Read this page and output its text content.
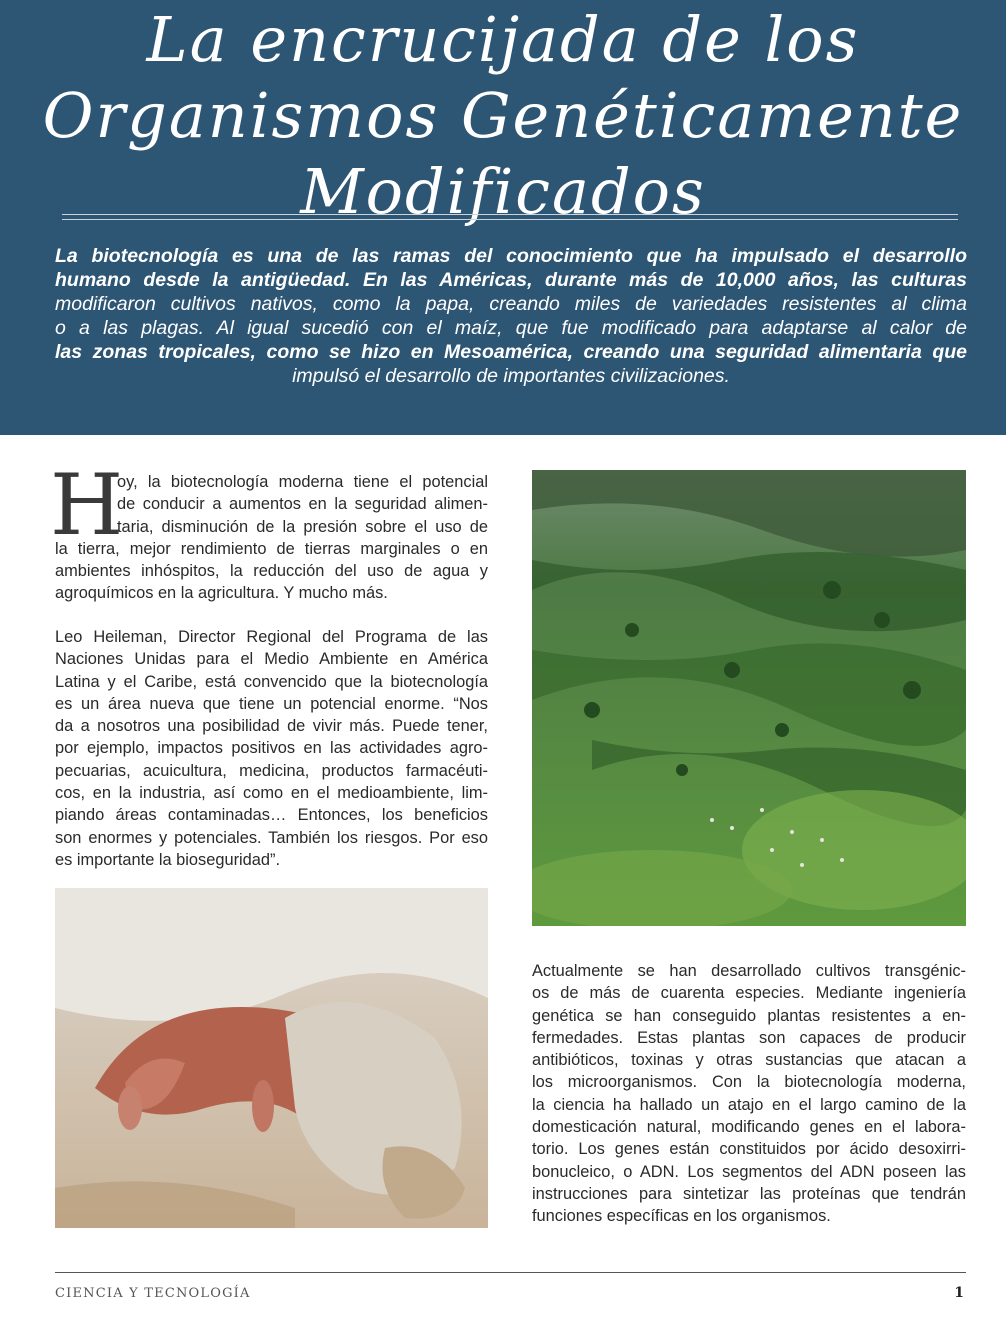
La encrucijada de los
Organismos Genéticamente
Modificados

La biotecnología es una de las ramas del conocimiento que ha impulsado el desarrollo
humano desde la antigüedad. En las Américas, durante más de 10,000 años, las culturas
modificaron cultivos nativos, como la papa, creando miles de variedades resistentes al clima
o a las plagas. Al igual sucedió con el maíz, que fue modificado para adaptarse al calor de
las zonas tropicales, como se hizo en Mesoamérica, creando una seguridad alimentaria que
impulsó el desarrollo de importantes civilizaciones.

H

oy, la biotecnología moderna tiene el potencial
de conducir a aumentos en la seguridad alimen-
taria, disminución de la presión sobre el uso de
la tierra, mejor rendimiento de tierras marginales o en
ambientes inhóspitos, la reducción del uso de agua y
agroquímicos en la agricultura. Y mucho más.

Leo Heileman, Director Regional del Programa de las
Naciones Unidas para el Medio Ambiente en América
Latina y el Caribe, está convencido que la biotecnología
es un área nueva que tiene un potencial enorme. “Nos
da a nosotros una posibilidad de vivir más. Puede tener,
por ejemplo, impactos positivos en las actividades agro-
pecuarias, acuicultura, medicina, productos farmacéuti-
cos, en la industria, así como en el medioambiente, lim-
piando áreas contaminadas… Entonces, los beneficios
son enormes y potenciales. También los riesgos. Por eso
es importante la bioseguridad”.

Actualmente se han desarrollado cultivos transgénic-
os de más de cuarenta especies. Mediante ingeniería
genética se han conseguido plantas resistentes a en-
fermedades. Estas plantas son capaces de producir
antibióticos, toxinas y otras sustancias que atacan a
los microorganismos. Con la biotecnología moderna,
la ciencia ha hallado un atajo en el largo camino de la
domesticación natural, modificando genes en el labora-
torio. Los genes están constituidos por ácido desoxirri-
bonucleico, o ADN. Los segmentos del ADN poseen las
instrucciones para sintetizar las proteínas que tendrán
funciones específicas en los organismos.

CIENCIA Y TECNOLOGÍA	1
